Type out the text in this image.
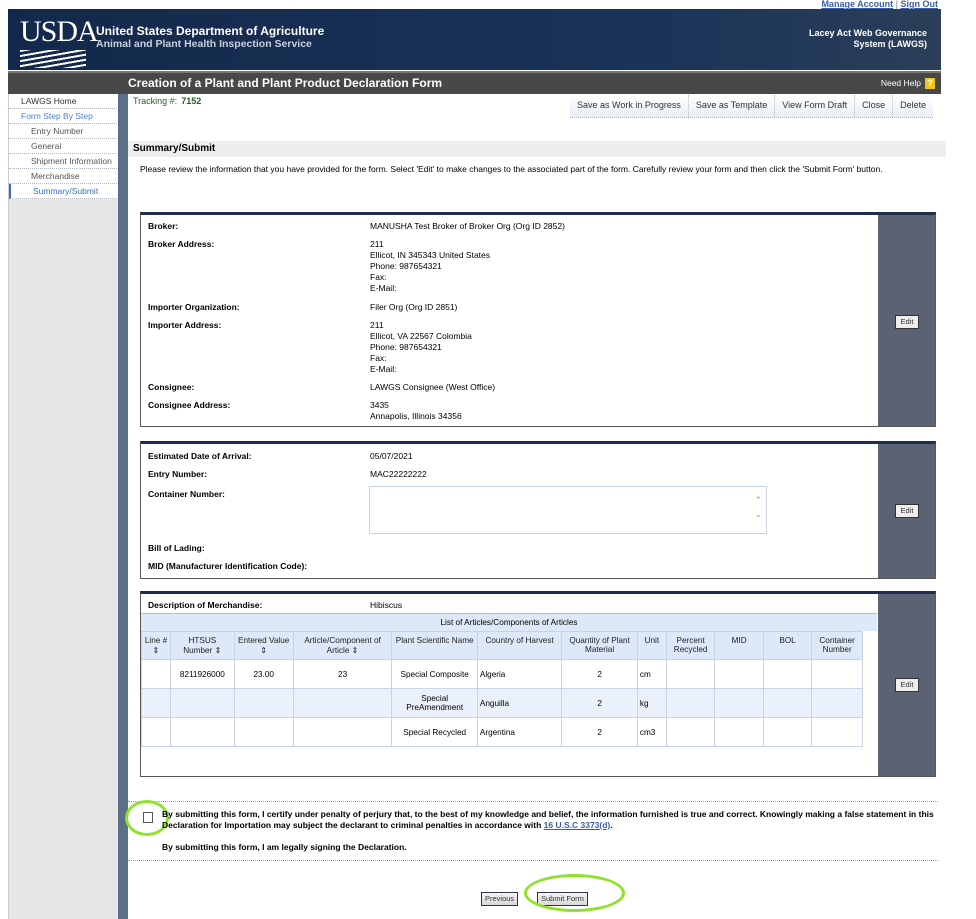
Manage Account | Sign Out
USDA
United States Department of Agriculture
Animal and Plant Health Inspection Service
Lacey Act Web Governance
System (LAWGS)
Creation of a Plant and Plant Product Declaration Form	Need Help ?
LAWGS Home
Form Step By Step
Entry Number
General
Shipment Information
Merchandise
Summary/Submit
Tracking #: 7152	Save as Work in Progress	Save as Template	View Form Draft	Close	Delete
Summary/Submit
Please review the information that you have provided for the form. Select 'Edit' to make changes to the associated part of the form. Carefully review your form and then click the 'Submit Form' button.
Edit
Broker:	MANUSHA Test Broker of Broker Org (Org ID 2852)
Broker Address:	211
Ellicot, IN 345343 United States
Phone: 987654321
Fax:
E-Mail:
Importer Organization:	Filer Org (Org ID 2851)
Importer Address:	211
Ellicot, VA 22567 Colombia
Phone: 987654321
Fax:
E-Mail:
Consignee:	LAWGS Consignee (West Office)
Consignee Address:	3435
Annapolis, Illinois 34356
Edit
Estimated Date of Arrival:	05/07/2021
Entry Number:	MAC22222222
Container Number:
Bill of Lading:
MID (Manufacturer Identification Code):
⌃
⌄
Description of Merchandise:	Hibiscus
List of Articles/Components of Articles
Line # ⇕	HTSUS Number ⇕	Entered Value ⇕	Article/Component of Article ⇕	Plant Scientific Name	Country of Harvest	Quantity of Plant Material	Unit	Percent Recycled	MID	BOL	Container Number
	8211926000	23.00	23	Special Composite	Algeria	2	cm				
				Special PreAmendment	Anguilla	2	kg				
				Special Recycled	Argentina	2	cm3				
Edit
By submitting this form, I certify under penalty of perjury that, to the best of my knowledge and belief, the information furnished is true and correct. Knowingly making a false statement in this Declaration for Importation may subject the declarant to criminal penalties in accordance with 16 U.S.C 3373(d).
By submitting this form, I am legally signing the Declaration.
Previous	Submit Form
